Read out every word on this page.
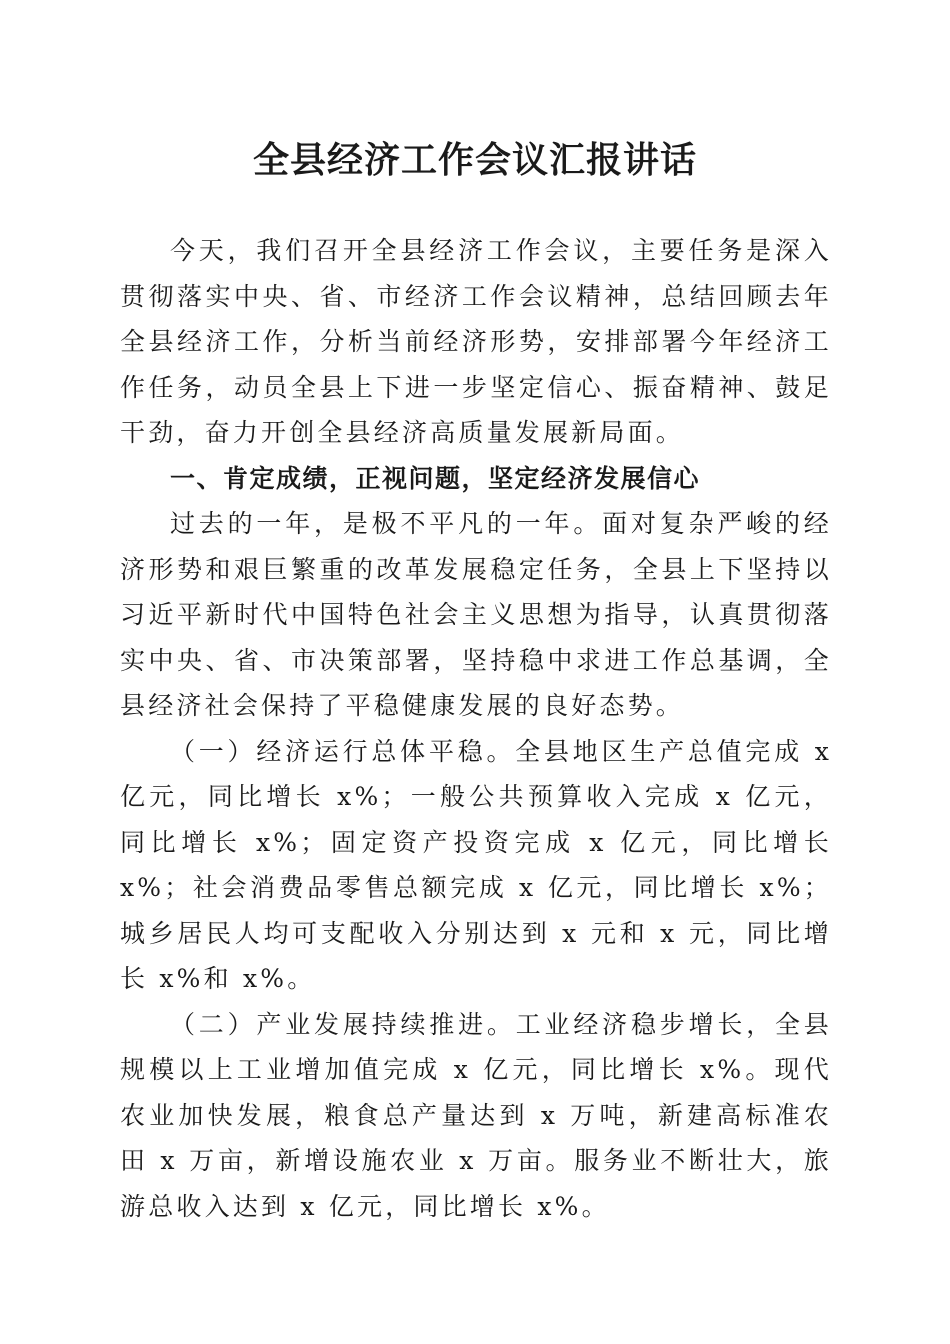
全县经济工作会议汇报讲话

今天，我们召开全县经济工作会议，主要任务是深入贯彻落实中央、省、市经济工作会议精神，总结回顾去年全县经济工作，分析当前经济形势，安排部署今年经济工作任务，动员全县上下进一步坚定信心、振奋精神、鼓足干劲，奋力开创全县经济高质量发展新局面。

一、肯定成绩，正视问题，坚定经济发展信心

过去的一年，是极不平凡的一年。面对复杂严峻的经济形势和艰巨繁重的改革发展稳定任务，全县上下坚持以习近平新时代中国特色社会主义思想为指导，认真贯彻落实中央、省、市决策部署，坚持稳中求进工作总基调，全县经济社会保持了平稳健康发展的良好态势。

（一）经济运行总体平稳。全县地区生产总值完成 x 亿元，同比增长 x%；一般公共预算收入完成 x 亿元，同比增长 x%；固定资产投资完成 x 亿元，同比增长 x%；社会消费品零售总额完成 x 亿元，同比增长 x%；城乡居民人均可支配收入分别达到 x 元和 x 元，同比增长 x%和 x%。

（二）产业发展持续推进。工业经济稳步增长，全县规模以上工业增加值完成 x 亿元，同比增长 x%。现代农业加快发展，粮食总产量达到 x 万吨，新建高标准农田 x 万亩，新增设施农业 x 万亩。服务业不断壮大，旅游总收入达到 x 亿元，同比增长 x%。
